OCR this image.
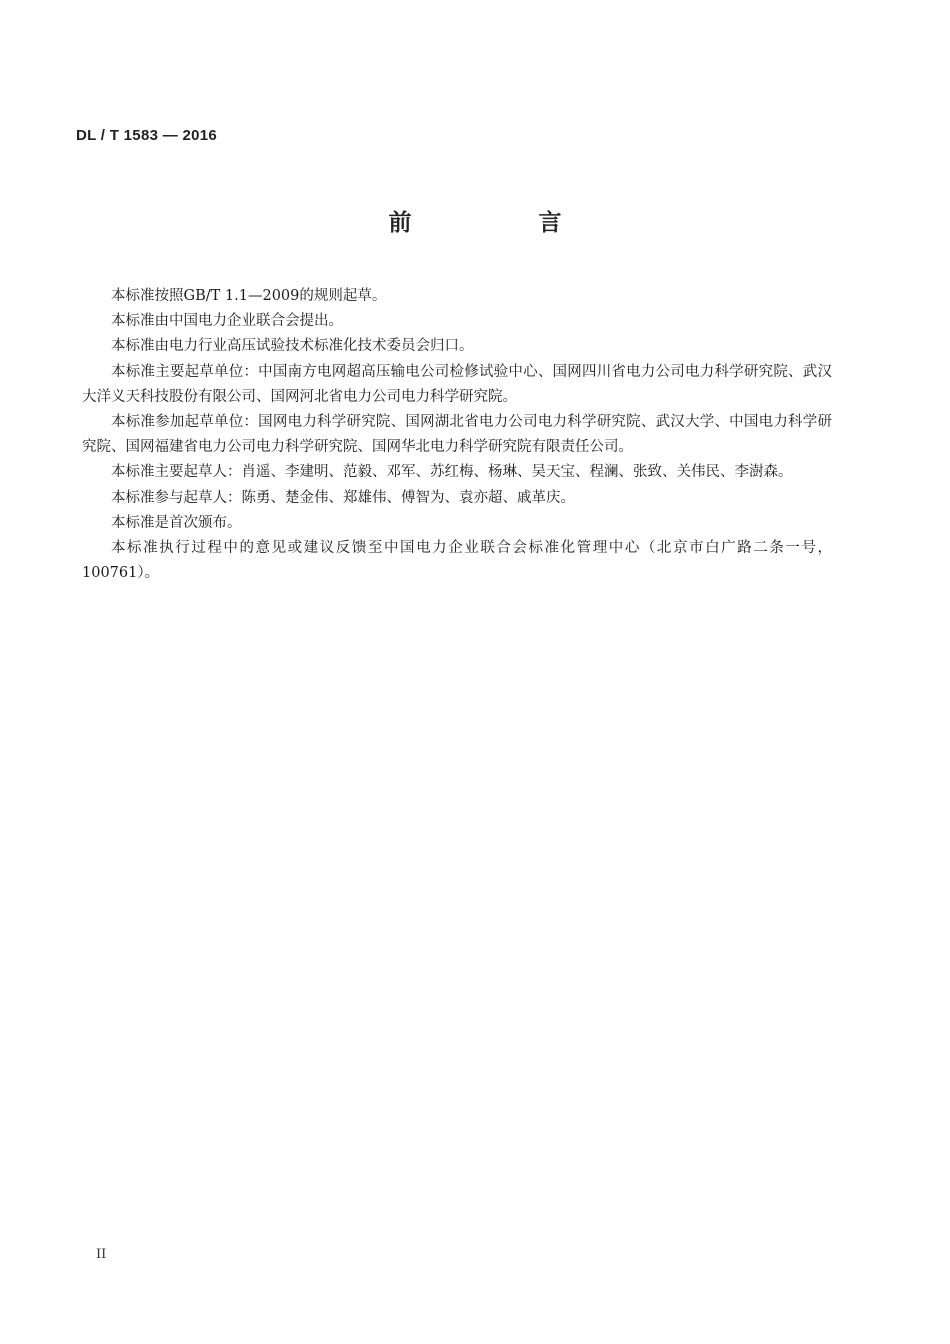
DL / T 1583 — 2016
前　言

本标准按照GB/T 1.1—2009的规则起草。

本标准由中国电力企业联合会提出。

本标准由电力行业高压试验技术标准化技术委员会归口。

本标准主要起草单位：中国南方电网超高压输电公司检修试验中心、国网四川省电力公司电力科学研究院、武汉大洋义天科技股份有限公司、国网河北省电力公司电力科学研究院。

本标准参加起草单位：国网电力科学研究院、国网湖北省电力公司电力科学研究院、武汉大学、中国电力科学研究院、国网福建省电力公司电力科学研究院、国网华北电力科学研究院有限责任公司。

本标准主要起草人：肖遥、李建明、范毅、邓军、苏红梅、杨琳、吴天宝、程澜、张致、关伟民、李澍森。

本标准参与起草人：陈勇、楚金伟、郑雄伟、傅智为、袁亦超、戚革庆。

本标准是首次颁布。

本标准执行过程中的意见或建议反馈至中国电力企业联合会标准化管理中心（北京市白广路二条一号，100761）。

II
